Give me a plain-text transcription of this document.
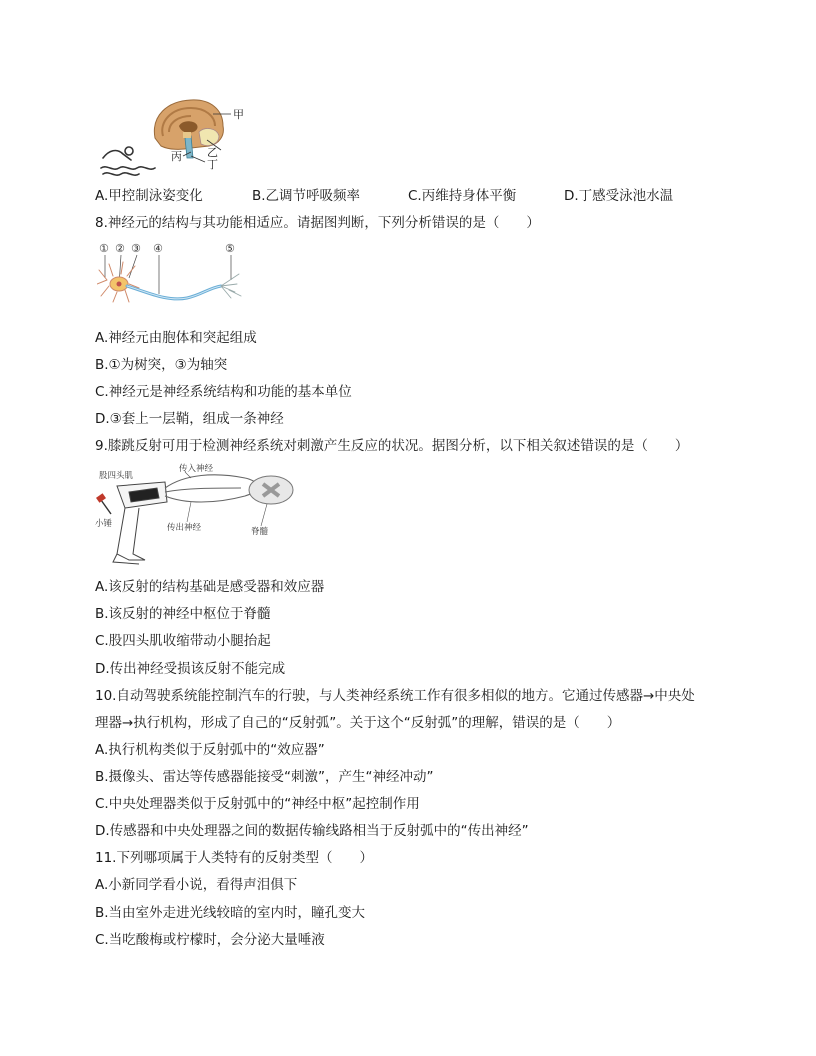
甲
丙 乙
丁
A.甲控制泳姿变化	B.乙调节呼吸频率	C.丙维持身体平衡	D.丁感受泳池水温
8.神经元的结构与其功能相适应。请据图判断，下列分析错误的是（　　）
① ② ③ ④	⑤
A.神经元由胞体和突起组成
B.①为树突，③为轴突
C.神经元是神经系统结构和功能的基本单位
D.③套上一层鞘，组成一条神经
9.膝跳反射可用于检测神经系统对刺激产生反应的状况。据图分析，以下相关叙述错误的是（　　）
股四头肌
传入神经
小锤	传出神经	脊髓
A.该反射的结构基础是感受器和效应器
B.该反射的神经中枢位于脊髓
C.股四头肌收缩带动小腿抬起
D.传出神经受损该反射不能完成
10.自动驾驶系统能控制汽车的行驶，与人类神经系统工作有很多相似的地方。它通过传感器→中央处
理器→执行机构，形成了自己的“反射弧”。关于这个“反射弧”的理解，错误的是（　　）
A.执行机构类似于反射弧中的“效应器”
B.摄像头、雷达等传感器能接受“刺激”，产生“神经冲动”
C.中央处理器类似于反射弧中的“神经中枢”起控制作用
D.传感器和中央处理器之间的数据传输线路相当于反射弧中的“传出神经”
11.下列哪项属于人类特有的反射类型（　　）
A.小新同学看小说，看得声泪俱下
B.当由室外走进光线较暗的室内时，瞳孔变大
C.当吃酸梅或柠檬时，会分泌大量唾液
